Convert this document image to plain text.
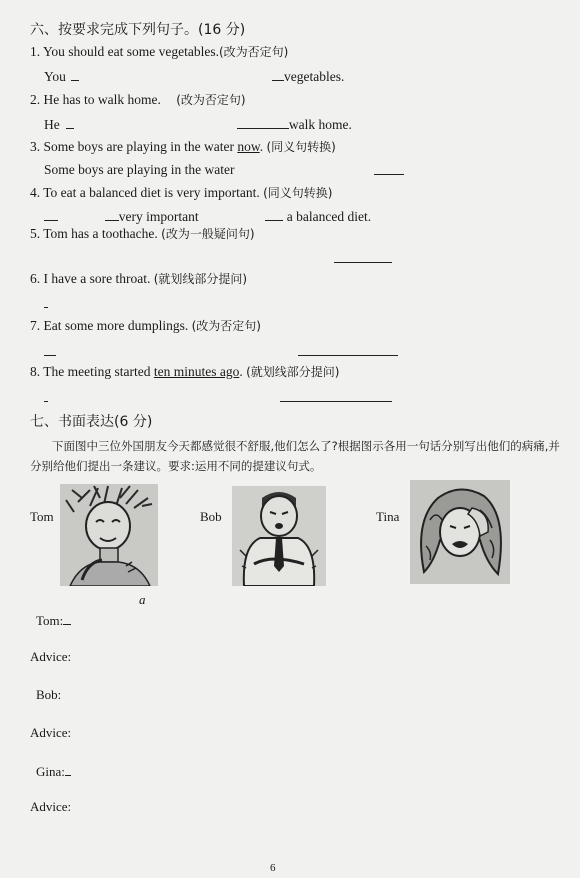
六、按要求完成下列句子。(16 分)
1. You should eat some vegetables.(改为否定句)
You	vegetables.
2. He has to walk home. (改为否定句)
He	walk home.
3. Some boys are playing in the water now. (同义句转换)
Some boys are playing in the water
4. To eat a balanced diet is very important. (同义句转换)
very important	a balanced diet.
5. Tom has a toothache. (改为一般疑问句)
6. I have a sore throat. (就划线部分提问)
7. Eat some more dumplings. (改为否定句)
8. The meeting started ten minutes ago. (就划线部分提问)
七、书面表达(6 分)
下面图中三位外国朋友今天都感觉很不舒服,他们怎么了?根据图示各用一句话分别写出他们的病痛,并分别给他们提出一条建议。要求:运用不同的提建议句式。
Tom	Bob	Tina
a
Tom:
Advice:
Bob:
Advice:
Gina:
Advice:
6
